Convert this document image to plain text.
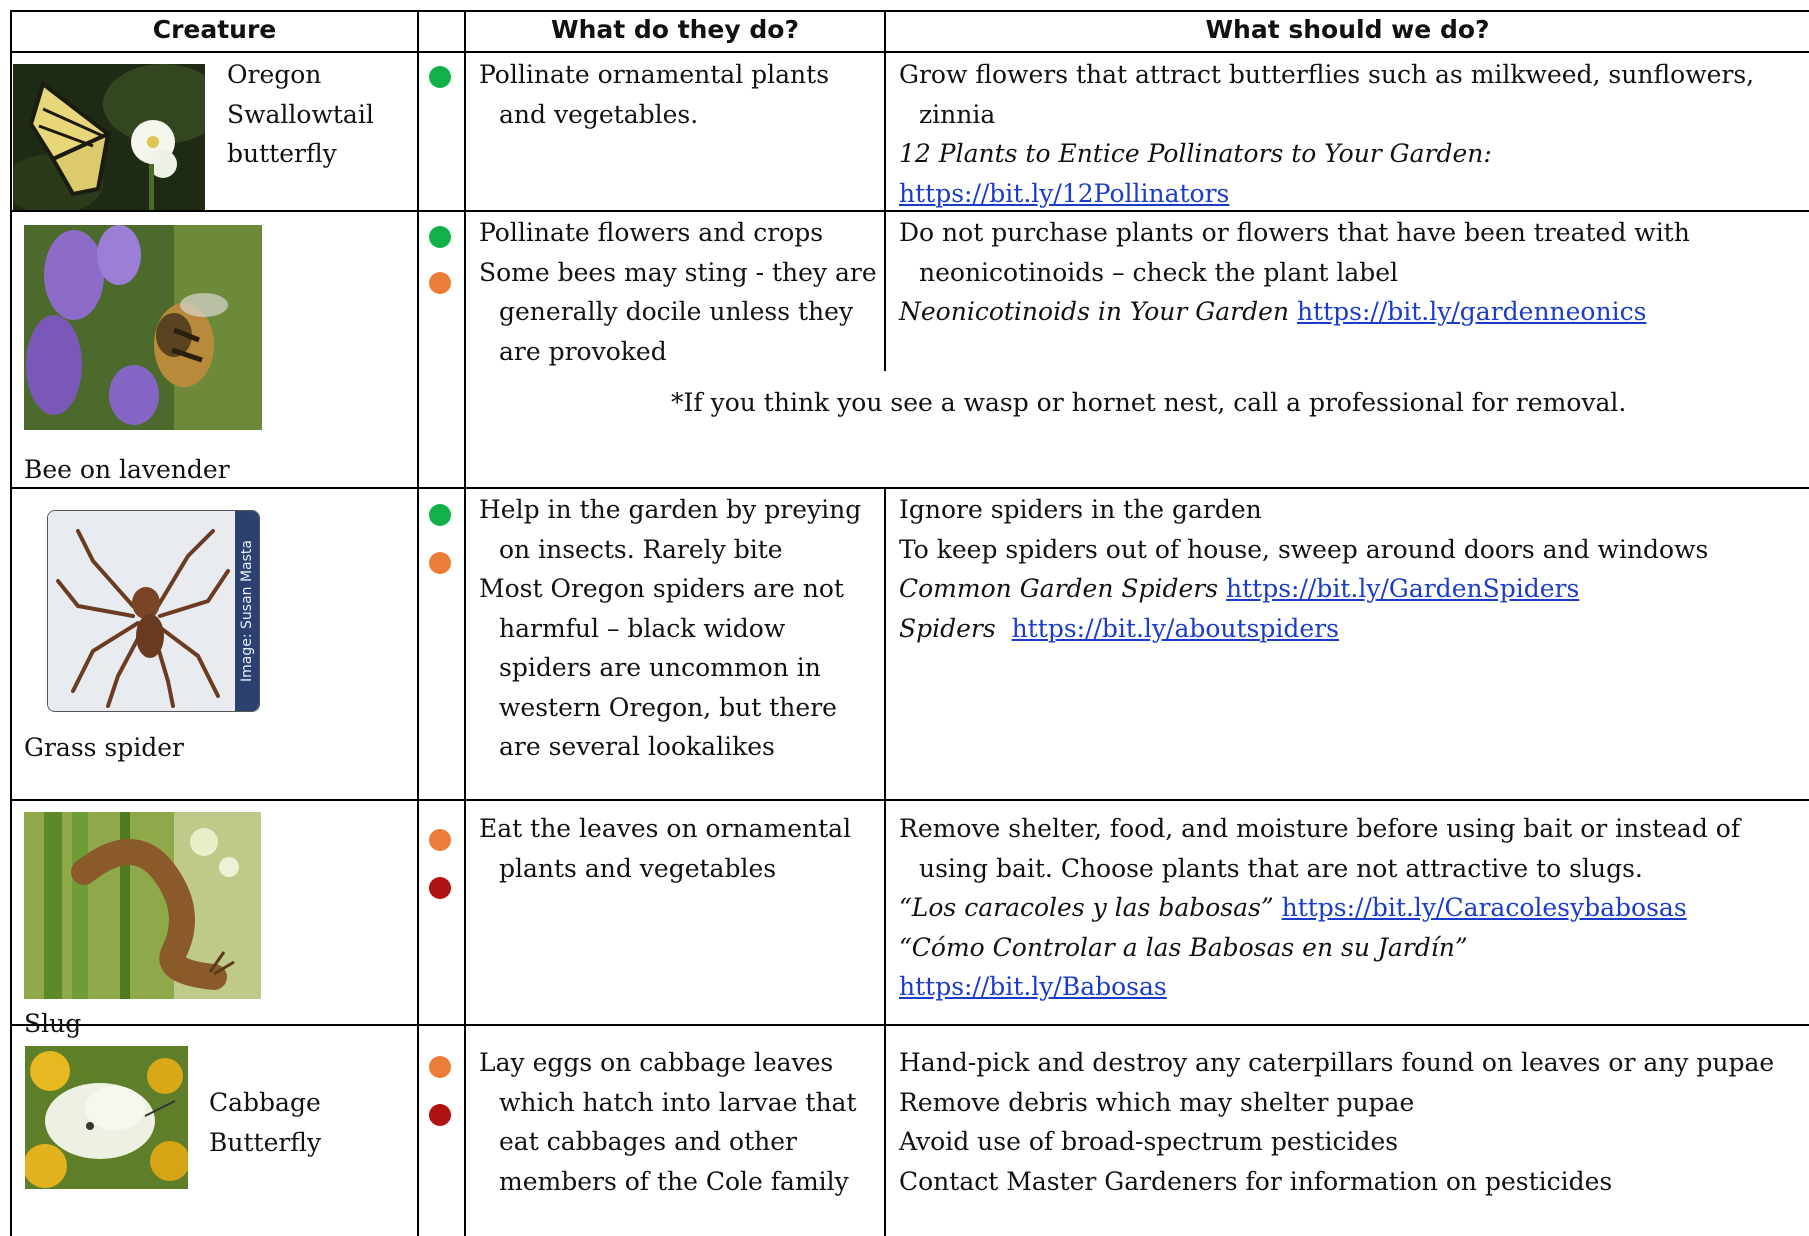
Creature	What do they do?	What should we do?
Oregon
Swallowtail
butterfly
Pollinate ornamental plants
and vegetables.
Grow flowers that attract butterflies such as milkweed, sunflowers,
zinnia
12 Plants to Entice Pollinators to Your Garden:
https://bit.ly/12Pollinators
Bee on lavender
Pollinate flowers and crops
Some bees may sting - they are
generally docile unless they
are provoked
Do not purchase plants or flowers that have been treated with
neonicotinoids – check the plant label
Neonicotinoids in Your Garden https://bit.ly/gardenneonics
*If you think you see a wasp or hornet nest, call a professional for removal.
Image: Susan Masta
Grass spider
Help in the garden by preying
on insects. Rarely bite
Most Oregon spiders are not
harmful – black widow
spiders are uncommon in
western Oregon, but there
are several lookalikes
Ignore spiders in the garden
To keep spiders out of house, sweep around doors and windows
Common Garden Spiders https://bit.ly/GardenSpiders
Spiders https://bit.ly/aboutspiders
Slug
Eat the leaves on ornamental
plants and vegetables
Remove shelter, food, and moisture before using bait or instead of
using bait. Choose plants that are not attractive to slugs.
“Los caracoles y las babosas” https://bit.ly/Caracolesybabosas
“Cómo Controlar a las Babosas en su Jardín”
https://bit.ly/Babosas
Cabbage
Butterfly
Lay eggs on cabbage leaves
which hatch into larvae that
eat cabbages and other
members of the Cole family
Hand-pick and destroy any caterpillars found on leaves or any pupae
Remove debris which may shelter pupae
Avoid use of broad-spectrum pesticides
Contact Master Gardeners for information on pesticides
